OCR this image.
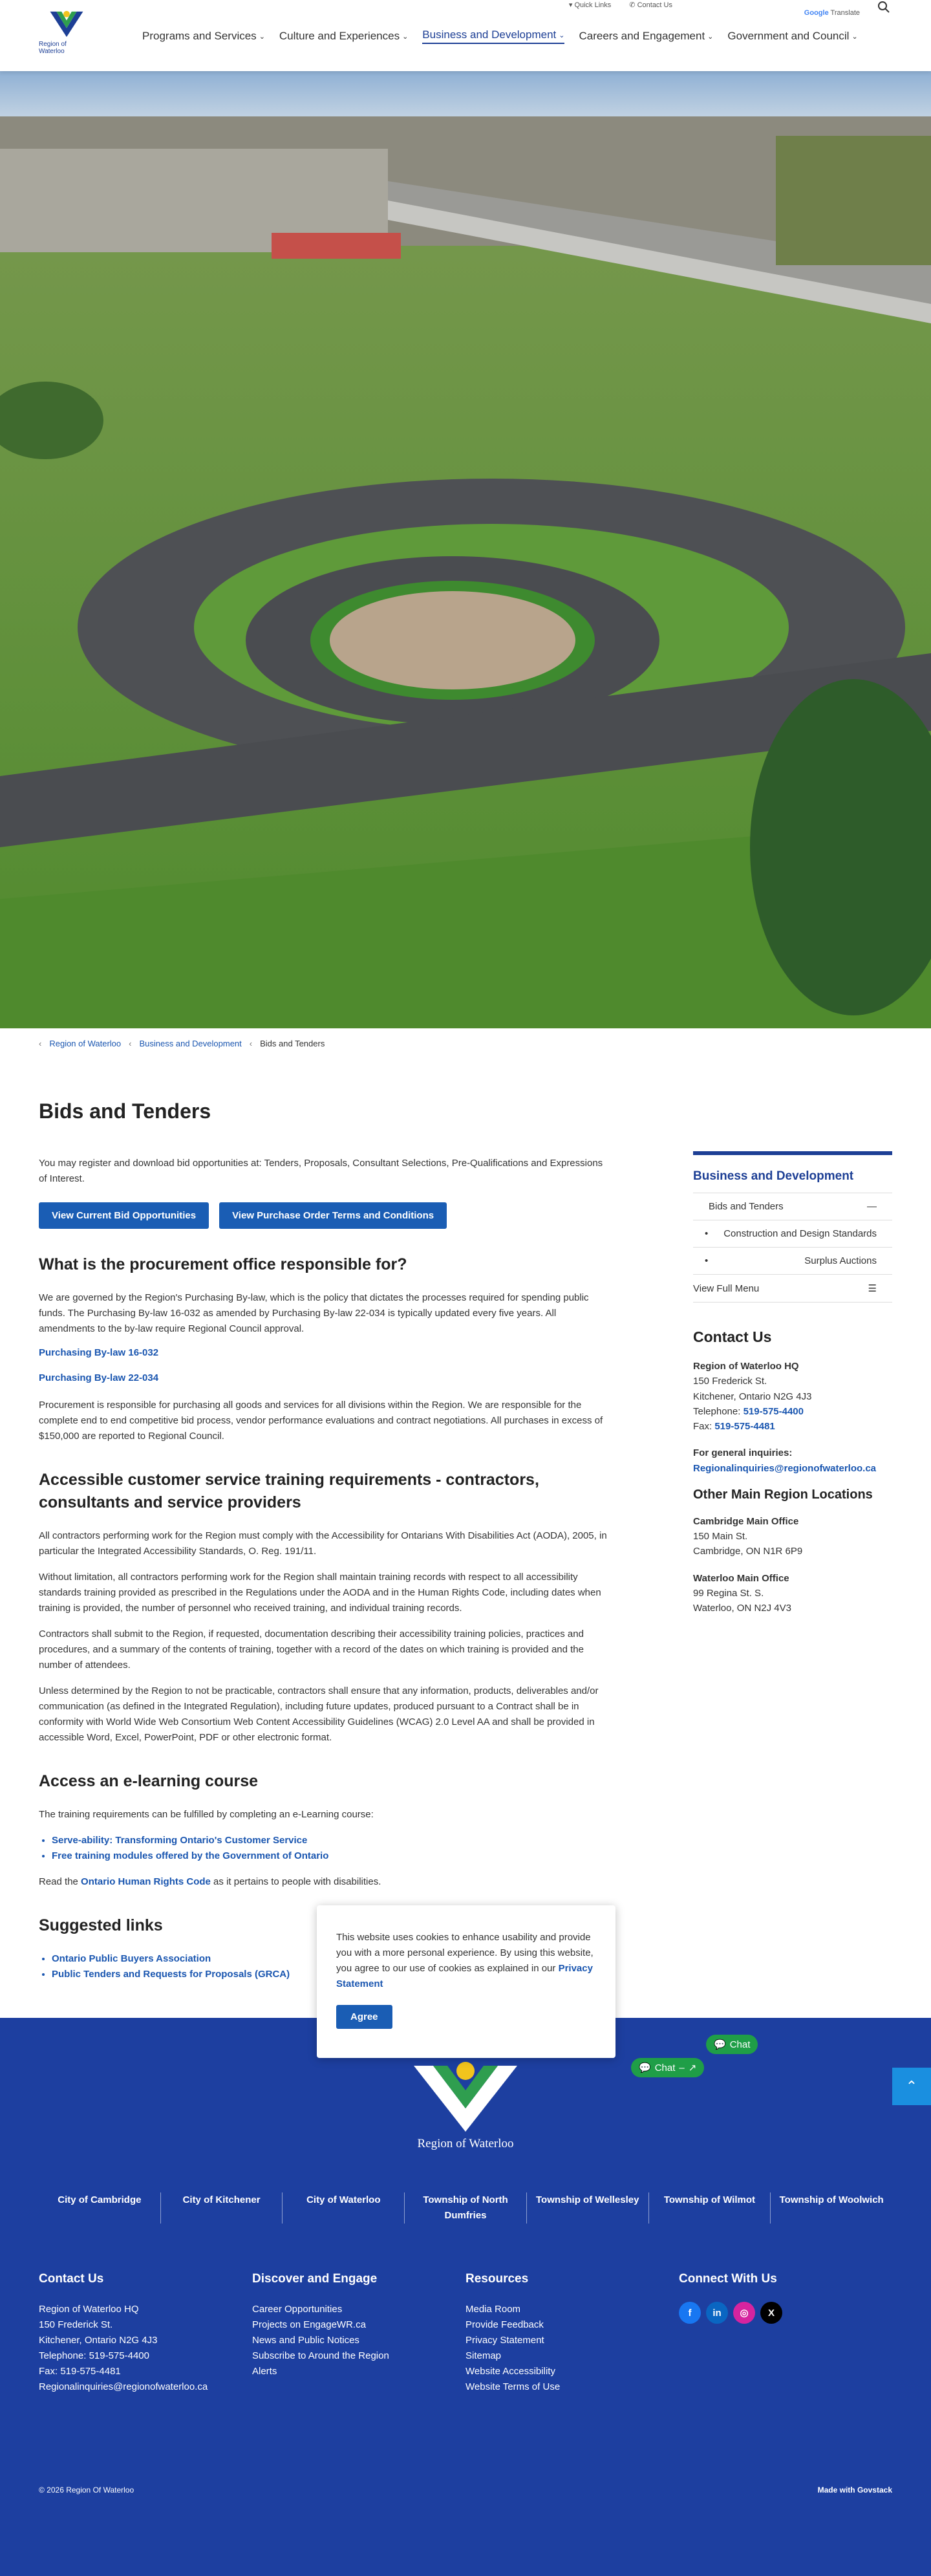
▾ Quick Links	✆ Contact Us
Region of Waterloo
Programs and Services ⌄ Culture and Experiences ⌄ Business and Development ⌄ Careers and Engagement ⌄ Government and Council ⌄
Google Translate
‹ Region of Waterloo ‹ Business and Development ‹ Bids and Tenders
Bids and Tenders

You may register and download bid opportunities at: Tenders, Proposals, Consultant Selections, Pre-Qualifications and Expressions of Interest.

View Current Bid Opportunities	View Purchase Order Terms and Conditions
What is the procurement office responsible for?

We are governed by the Region's Purchasing By-law, which is the policy that dictates the processes required for spending public funds. The Purchasing By-law 16-032 as amended by Purchasing By-law 22-034 is typically updated every five years. All amendments to the by-law require Regional Council approval.

Purchasing By-law 16-032
Purchasing By-law 22-034

Procurement is responsible for purchasing all goods and services for all divisions within the Region. We are responsible for the complete end to end competitive bid process, vendor performance evaluations and contract negotiations. All purchases in excess of $150,000 are reported to Regional Council.

Accessible customer service training requirements - contractors, consultants and service providers

All contractors performing work for the Region must comply with the Accessibility for Ontarians With Disabilities Act (AODA), 2005, in particular the Integrated Accessibility Standards, O. Reg. 191/11.

Without limitation, all contractors performing work for the Region shall maintain training records with respect to all accessibility standards training provided as prescribed in the Regulations under the AODA and in the Human Rights Code, including dates when training is provided, the number of personnel who received training, and individual training records.

Contractors shall submit to the Region, if requested, documentation describing their accessibility training policies, practices and procedures, and a summary of the contents of training, together with a record of the dates on which training is provided and the number of attendees.

Unless determined by the Region to not be practicable, contractors shall ensure that any information, products, deliverables and/or communication (as defined in the Integrated Regulation), including future updates, produced pursuant to a Contract shall be in conformity with World Wide Web Consortium Web Content Accessibility Guidelines (WCAG) 2.0 Level AA and shall be provided in accessible Word, Excel, PowerPoint, PDF or other electronic format.

Access an e-learning course

The training requirements can be fulfilled by completing an e-Learning course:

• Serve-ability: Transforming Ontario's Customer Service
• Free training modules offered by the Government of Ontario

Read the Ontario Human Rights Code as it pertains to people with disabilities.

Suggested links
• Ontario Public Buyers Association
• Public Tenders and Requests for Proposals (GRCA)
Business and Development
Bids and Tenders	—
• Construction and Design Standards
• Surplus Auctions
View Full Menu	☰
Contact Us
Region of Waterloo HQ
150 Frederick St.
Kitchener, Ontario N2G 4J3
Telephone: 519-575-4400
Fax: 519-575-4481
For general inquiries:
Regionalinquiries@regionofwaterloo.ca
Other Main Region Locations
Cambridge Main Office
150 Main St.
Cambridge, ON N1R 6P9
Waterloo Main Office
99 Regina St. S.
Waterloo, ON N2J 4V3

This website uses cookies to enhance usability and provide you with a more personal experience. By using this website, you agree to our use of cookies as explained in our Privacy Statement

Agree
💬 Chat
💬 Chat – ↗
⌃
Region of Waterloo
City of Cambridge	City of Kitchener	City of Waterloo	Township of North Dumfries
Township of Wellesley	Township of Wilmot	Township of Woolwich
Contact Us
Region of Waterloo HQ
150 Frederick St.
Kitchener, Ontario N2G 4J3
Telephone: 519-575-4400
Fax: 519-575-4481
Regionalinquiries@regionofwaterloo.ca
Discover and Engage
Career Opportunities
Projects on EngageWR.ca
News and Public Notices
Subscribe to Around the Region
Alerts
Resources
Media Room
Provide Feedback
Privacy Statement
Sitemap
Website Accessibility
Website Terms of Use
Connect With Us
f	in	◎	X
© 2026 Region Of Waterloo	Made with Govstack
